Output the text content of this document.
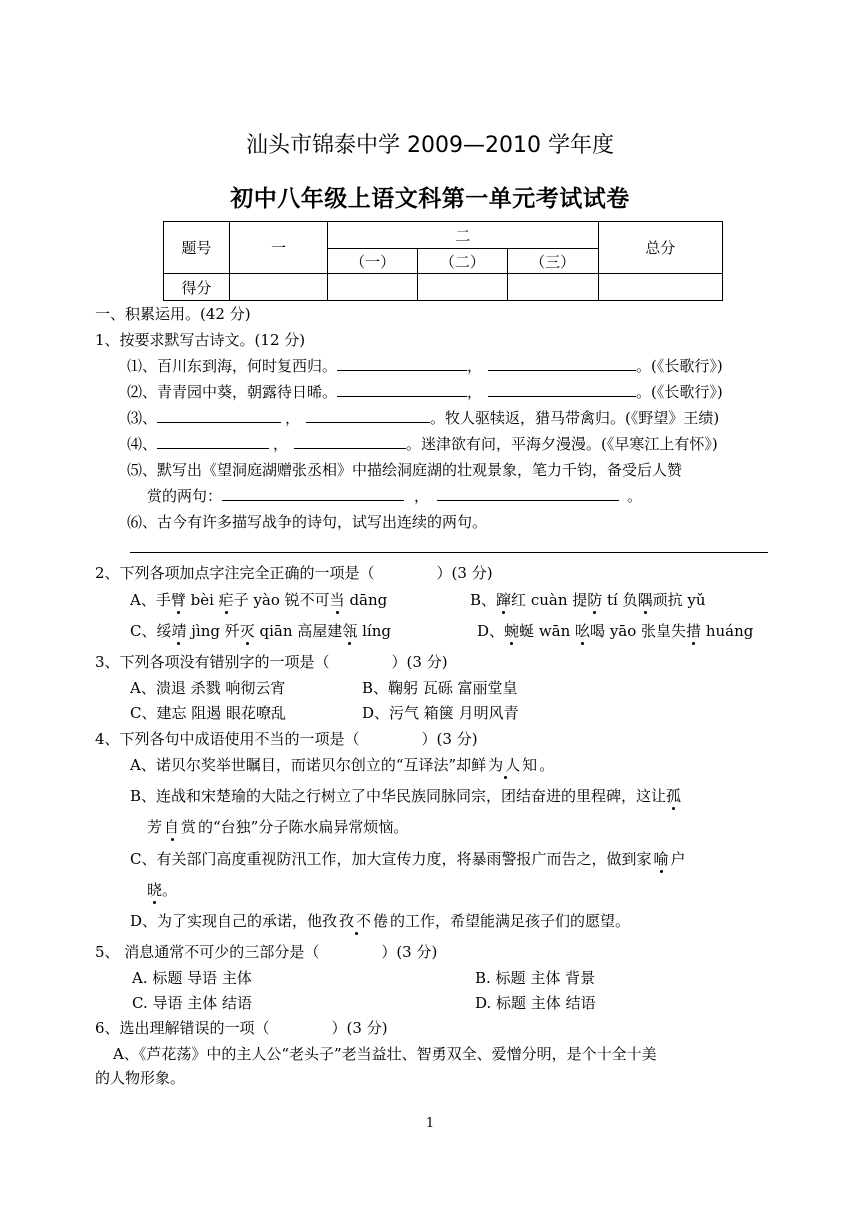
汕头市锦泰中学 2009—2010 学年度
初中八年级上语文科第一单元考试试卷
题号	一	二			总分
		（一）	（二）	（三）	
得分					
一、积累运用。(42 分)
1、按要求默写古诗文。(12 分)
⑴、百川东到海，何时复西归。	，	。(《长歌行》)
⑵、青青园中葵，朝露待日晞。	，	。(《长歌行》)
⑶、	，	。牧人驱犊返，猎马带禽归。(《野望》王绩)
⑷、	，	。迷津欲有问，平海夕漫漫。(《早寒江上有怀》)
⑸、默写出《望洞庭湖赠张丞相》中描绘洞庭湖的壮观景象，笔力千钧，备受后人赞
赏的两句：	，	。
⑹、古今有许多描写战争的诗句，试写出连续的两句。
2、下列各项加点字注完全正确的一项是（	）(3 分)
A、手臂 bèi 疟子 yào 锐不可当 dāng	B、蹿红 cuàn 提防 tí 负隅顽抗 yǔ
C、绥靖 jìng 歼灭 qiān 高屋建瓴 líng	D、蜿蜒 wān 吆喝 yāo 张皇失措 huáng
3、下列各项没有错别字的一项是（	）(3 分)
A、溃退 杀戮 响彻云宵	B、鞠躬 瓦砾 富丽堂皇
C、建忘 阻遏 眼花嘹乱	D、污气 箱箧 月明风青
4、下列各句中成语使用不当的一项是（	）(3 分)
A、诺贝尔奖举世瞩目，而诺贝尔创立的“互译法”却鲜为人知。
B、连战和宋楚瑜的大陆之行树立了中华民族同脉同宗，团结奋进的里程碑，这让孤
芳自赏的“台独”分子陈水扁异常烦恼。
C、有关部门高度重视防汛工作，加大宣传力度，将暴雨警报广而告之，做到家喻户
晓。
D、为了实现自己的承诺，他孜孜不倦的工作，希望能满足孩子们的愿望。
5、 消息通常不可少的三部分是（	）(3 分)
A. 标题 导语 主体	B. 标题 主体 背景
C. 导语 主体 结语	D. 标题 主体 结语
6、选出理解错误的一项（	）(3 分)
A、《芦花荡》中的主人公“老头子”老当益壮、智勇双全、爱憎分明，是个十全十美
的人物形象。
1
